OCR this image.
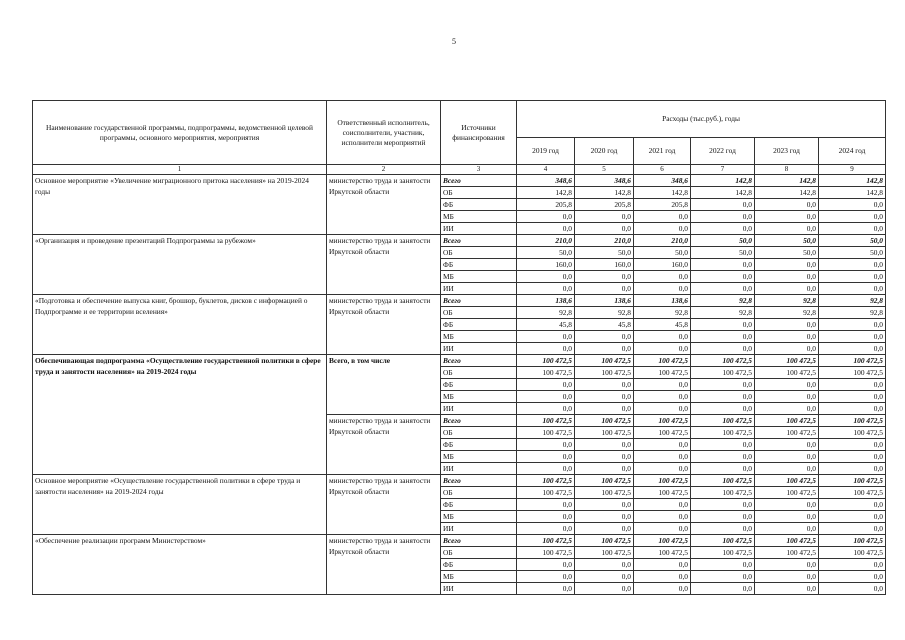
5
Наименование государственной программы, подпрограммы, ведомственной целевой программы, основного мероприятия, мероприятия	Ответственный исполнитель, соисполнители, участник, исполнители мероприятий	Источники финансирования	Расходы (тыс.руб.), годы					
			2019 год	2020 год	2021 год	2022 год	2023 год	2024 год
1	2	3	4	5	6	7	8	9
Основное мероприятие «Увеличение миграционного притока населения» на 2019-2024 годы	министерство труда и занятости Иркутской области	Всего	348,6	348,6	348,6	142,8	142,8	142,8
		ОБ	142,8	142,8	142,8	142,8	142,8	142,8
		ФБ	205,8	205,8	205,8	0,0	0,0	0,0
		МБ	0,0	0,0	0,0	0,0	0,0	0,0
		ИИ	0,0	0,0	0,0	0,0	0,0	0,0
«Организация и проведение презентаций Подпрограммы за рубежом»	министерство труда и занятости Иркутской области	Всего	210,0	210,0	210,0	50,0	50,0	50,0
		ОБ	50,0	50,0	50,0	50,0	50,0	50,0
		ФБ	160,0	160,0	160,0	0,0	0,0	0,0
		МБ	0,0	0,0	0,0	0,0	0,0	0,0
		ИИ	0,0	0,0	0,0	0,0	0,0	0,0
«Подготовка и обеспечение выпуска книг, брошюр, буклетов, дисков с информацией о Подпрограмме и ее территории вселения»	министерство труда и занятости Иркутской области	Всего	138,6	138,6	138,6	92,8	92,8	92,8
		ОБ	92,8	92,8	92,8	92,8	92,8	92,8
		ФБ	45,8	45,8	45,8	0,0	0,0	0,0
		МБ	0,0	0,0	0,0	0,0	0,0	0,0
		ИИ	0,0	0,0	0,0	0,0	0,0	0,0
Обеспечивающая подпрограмма «Осуществление государственной политики в сфере труда и занятости населения» на 2019-2024 годы	Всего, в том числе	Всего	100 472,5	100 472,5	100 472,5	100 472,5	100 472,5	100 472,5
		ОБ	100 472,5	100 472,5	100 472,5	100 472,5	100 472,5	100 472,5
		ФБ	0,0	0,0	0,0	0,0	0,0	0,0
		МБ	0,0	0,0	0,0	0,0	0,0	0,0
		ИИ	0,0	0,0	0,0	0,0	0,0	0,0
	министерство труда и занятости Иркутской области	Всего	100 472,5	100 472,5	100 472,5	100 472,5	100 472,5	100 472,5
		ОБ	100 472,5	100 472,5	100 472,5	100 472,5	100 472,5	100 472,5
		ФБ	0,0	0,0	0,0	0,0	0,0	0,0
		МБ	0,0	0,0	0,0	0,0	0,0	0,0
		ИИ	0,0	0,0	0,0	0,0	0,0	0,0
Основное мероприятие «Осуществление государственной политики в сфере труда и занятости населения» на 2019-2024 годы	министерство труда и занятости Иркутской области	Всего	100 472,5	100 472,5	100 472,5	100 472,5	100 472,5	100 472,5
		ОБ	100 472,5	100 472,5	100 472,5	100 472,5	100 472,5	100 472,5
		ФБ	0,0	0,0	0,0	0,0	0,0	0,0
		МБ	0,0	0,0	0,0	0,0	0,0	0,0
		ИИ	0,0	0,0	0,0	0,0	0,0	0,0
«Обеспечение реализации программ Министерством»	министерство труда и занятости Иркутской области	Всего	100 472,5	100 472,5	100 472,5	100 472,5	100 472,5	100 472,5
		ОБ	100 472,5	100 472,5	100 472,5	100 472,5	100 472,5	100 472,5
		ФБ	0,0	0,0	0,0	0,0	0,0	0,0
		МБ	0,0	0,0	0,0	0,0	0,0	0,0
		ИИ	0,0	0,0	0,0	0,0	0,0	0,0
